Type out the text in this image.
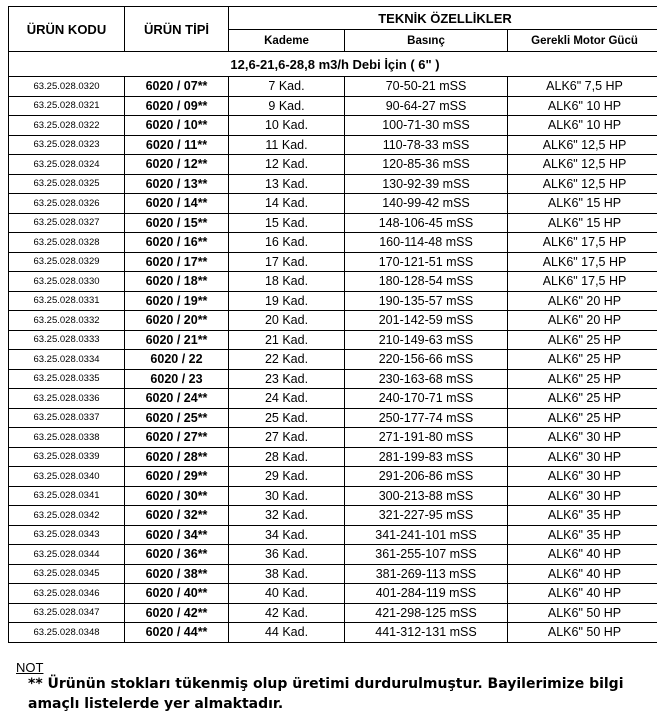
ÜRÜN KODU	ÜRÜN TİPİ	TEKNİK ÖZELLİKLER		
		Kademe	Basınç	Gerekli Motor Gücü
12,6-21,6-28,8 m3/h Debi İçin ( 6" )				
63.25.028.0320	6020 / 07**	7 Kad.	70-50-21 mSS	ALK6" 7,5 HP
63.25.028.0321	6020 / 09**	9 Kad.	90-64-27 mSS	ALK6" 10 HP
63.25.028.0322	6020 / 10**	10 Kad.	100-71-30 mSS	ALK6" 10 HP
63.25.028.0323	6020 / 11**	11 Kad.	110-78-33 mSS	ALK6" 12,5 HP
63.25.028.0324	6020 / 12**	12 Kad.	120-85-36 mSS	ALK6" 12,5 HP
63.25.028.0325	6020 / 13**	13 Kad.	130-92-39 mSS	ALK6" 12,5 HP
63.25.028.0326	6020 / 14**	14 Kad.	140-99-42 mSS	ALK6" 15 HP
63.25.028.0327	6020 / 15**	15 Kad.	148-106-45 mSS	ALK6" 15 HP
63.25.028.0328	6020 / 16**	16 Kad.	160-114-48 mSS	ALK6" 17,5 HP
63.25.028.0329	6020 / 17**	17 Kad.	170-121-51 mSS	ALK6" 17,5 HP
63.25.028.0330	6020 / 18**	18 Kad.	180-128-54 mSS	ALK6" 17,5 HP
63.25.028.0331	6020 / 19**	19 Kad.	190-135-57 mSS	ALK6" 20 HP
63.25.028.0332	6020 / 20**	20 Kad.	201-142-59 mSS	ALK6" 20 HP
63.25.028.0333	6020 / 21**	21 Kad.	210-149-63 mSS	ALK6" 25 HP
63.25.028.0334	6020 / 22	22 Kad.	220-156-66 mSS	ALK6" 25 HP
63.25.028.0335	6020 / 23	23 Kad.	230-163-68 mSS	ALK6" 25 HP
63.25.028.0336	6020 / 24**	24 Kad.	240-170-71 mSS	ALK6" 25 HP
63.25.028.0337	6020 / 25**	25 Kad.	250-177-74 mSS	ALK6" 25 HP
63.25.028.0338	6020 / 27**	27 Kad.	271-191-80 mSS	ALK6" 30 HP
63.25.028.0339	6020 / 28**	28 Kad.	281-199-83 mSS	ALK6" 30 HP
63.25.028.0340	6020 / 29**	29 Kad.	291-206-86 mSS	ALK6" 30 HP
63.25.028.0341	6020 / 30**	30 Kad.	300-213-88 mSS	ALK6" 30 HP
63.25.028.0342	6020 / 32**	32 Kad.	321-227-95 mSS	ALK6" 35 HP
63.25.028.0343	6020 / 34**	34 Kad.	341-241-101 mSS	ALK6" 35 HP
63.25.028.0344	6020 / 36**	36 Kad.	361-255-107 mSS	ALK6" 40 HP
63.25.028.0345	6020 / 38**	38 Kad.	381-269-113 mSS	ALK6" 40 HP
63.25.028.0346	6020 / 40**	40 Kad.	401-284-119 mSS	ALK6" 40 HP
63.25.028.0347	6020 / 42**	42 Kad.	421-298-125 mSS	ALK6" 50 HP
63.25.028.0348	6020 / 44**	44 Kad.	441-312-131 mSS	ALK6" 50 HP
NOT
** Ürünün stokları tükenmiş olup üretimi durdurulmuştur. Bayilerimize bilgi amaçlı listelerde yer almaktadır.
